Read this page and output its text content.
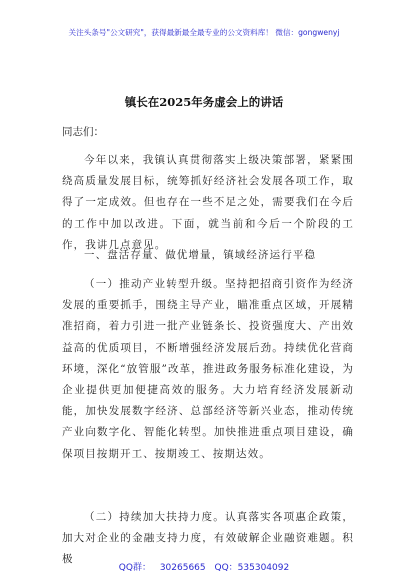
关注头条号"公文研究"，获得最新最全最专业的公文资料库！ 微信：gongwenyj
镇长在2025年务虚会上的讲话

今年以来，我镇认真贯彻落实上级决策部署，紧紧围绕高质量发展目标，统筹抓好经济社会发展各项工作，取得了一定成效。但也存在一些不足之处，需要我们在今后的工作中加以改进。下面，就当前和今后一个阶段的工作，我讲几点意见。

同志们：
一、盘活存量、做优增量，镇域经济运行平稳

（一）推动产业转型升级。坚持把招商引资作为经济发展的重要抓手，围绕主导产业，瞄准重点区域，开展精准招商，着力引进一批产业链条长、投资强度大、产出效益高的优质项目，不断增强经济发展后劲。持续优化营商环境，深化“放管服”改革，推进政务服务标准化建设，为企业提供更加便捷高效的服务。大力培育经济发展新动能，加快发展数字经济、总部经济等新兴业态，推动传统产业向数字化、智能化转型。加快推进重点项目建设，确保项目按期开工、按期竣工、按期达效。

（二）持续加大扶持力度。认真落实各项惠企政策，加大对企业的金融支持力度，有效破解企业融资难题。积极

QQ群： 30265665 QQ：535304092
